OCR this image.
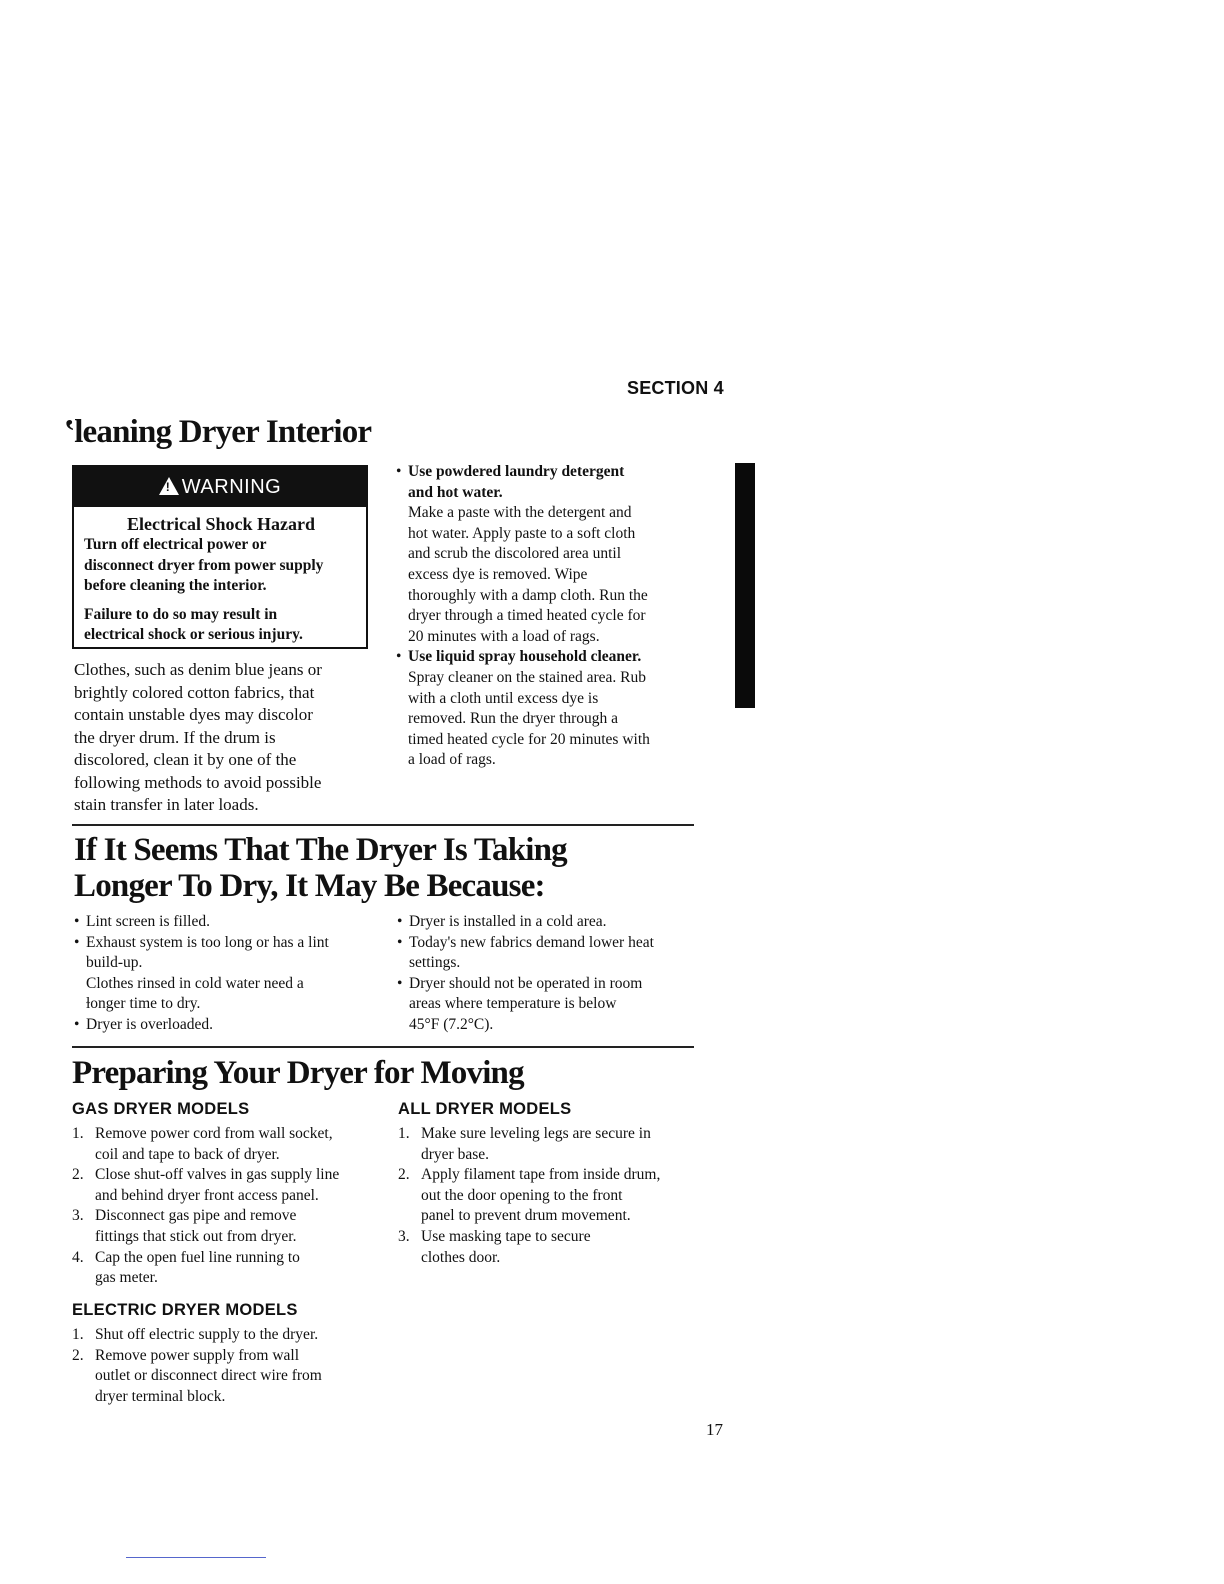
SECTION 4
ʽleaning Dryer Interior
!
WARNING
Electrical Shock Hazard
Turn off electrical power or
disconnect dryer from power supply
before cleaning the interior.
Failure to do so may result in
electrical shock or serious injury.
Clothes, such as denim blue jeans or
brightly colored cotton fabrics, that
contain unstable dyes may discolor
the dryer drum. If the drum is
discolored, clean it by one of the
following methods to avoid possible
stain transfer in later loads.
• Use powdered laundry detergent
and hot water.
Make a paste with the detergent and
hot water. Apply paste to a soft cloth
and scrub the discolored area until
excess dye is removed. Wipe
thoroughly with a damp cloth. Run the
dryer through a timed heated cycle for
20 minutes with a load of rags.
• Use liquid spray household cleaner.
Spray cleaner on the stained area. Rub
with a cloth until excess dye is
removed. Run the dryer through a
timed heated cycle for 20 minutes with
a load of rags.
If It Seems That The Dryer Is Taking
Longer To Dry, It May Be Because:
• Lint screen is filled.
• Exhaust system is too long or has a lint
build-up.
Clothes rinsed in cold water need a
ɫonger time to dry.
• Dryer is overloaded.
• Dryer is installed in a cold area.
• Today's new fabrics demand lower heat
settings.
• Dryer should not be operated in room
areas where temperature is below
45°F (7.2°C).
Preparing Your Dryer for Moving
GAS DRYER MODELS
1. Remove power cord from wall socket,
coil and tape to back of dryer.
2. Close shut-off valves in gas supply line
and behind dryer front access panel.
3. Disconnect gas pipe and remove
fittings that stick out from dryer.
4. Cap the open fuel line running to
gas meter.
ELECTRIC DRYER MODELS
1. Shut off electric supply to the dryer.
2. Remove power supply from wall
outlet or disconnect direct wire from
dryer terminal block.
ALL DRYER MODELS
1. Make sure leveling legs are secure in
dryer base.
2. Apply filament tape from inside drum,
out the door opening to the front
panel to prevent drum movement.
3. Use masking tape to secure
clothes door.
17
